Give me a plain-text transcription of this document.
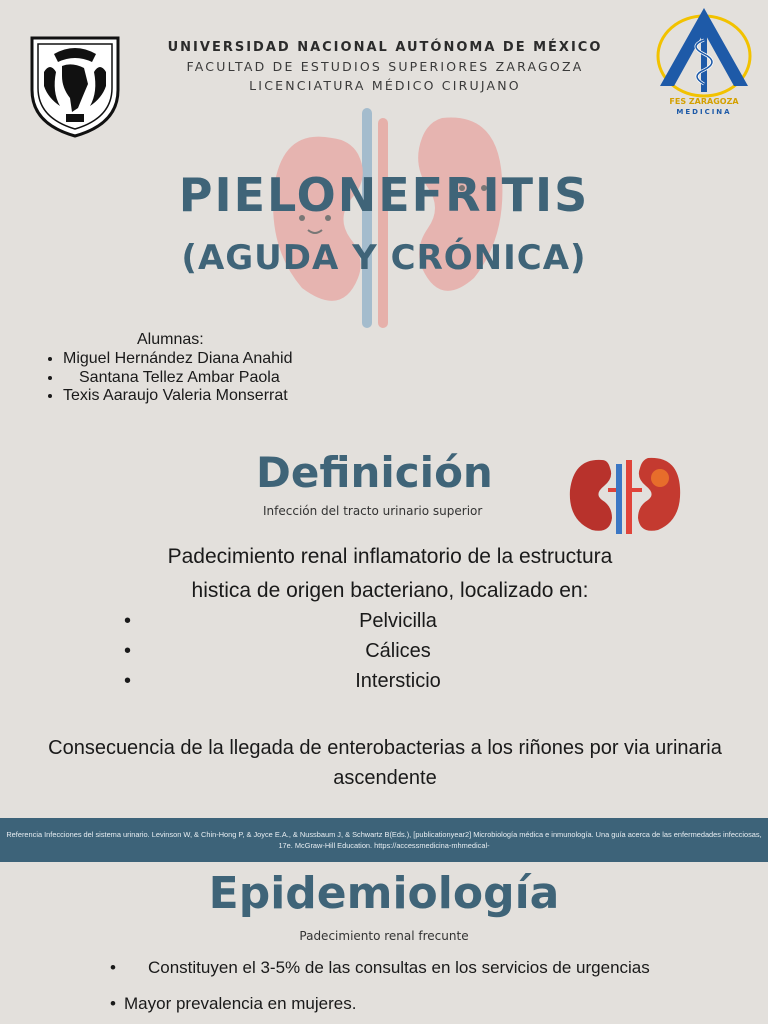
FES ZARAGOZA
MEDICINA

UNIVERSIDAD NACIONAL AUTÓNOMA DE MÉXICO

FACULTAD DE ESTUDIOS SUPERIORES ZARAGOZA

LICENCIATURA MÉDICO CIRUJANO

PIELONEFRITIS
(AGUDA Y CRÓNICA)
Alumnas:
• Miguel Hernández Diana Anahid
• Santana Tellez Ambar Paola
• Texis Aaraujo Valeria Monserrat
Definición
Infección del tracto urinario superior
Padecimiento renal inflamatorio de la estructura
histica de origen bacteriano, localizado en:
• Pelvicilla
• Cálices
• Intersticio
Consecuencia de la llegada de enterobacterias a los riñones por via urinaria ascendente
Referencia Infecciones del sistema urinario. Levinson W, & Chin-Hong P, & Joyce E.A., & Nussbaum J, & Schwartz B(Eds.), [publicationyear2] Microbiología médica e inmunología. Una guía acerca de las enfermedades infecciosas, 17e. McGraw-Hill Education. https://accessmedicina-mhmedical-
Epidemiología
Padecimiento renal frecunte
• Constituyen el 3-5% de las consultas en los servicios de urgencias
• Mayor prevalencia en mujeres.
